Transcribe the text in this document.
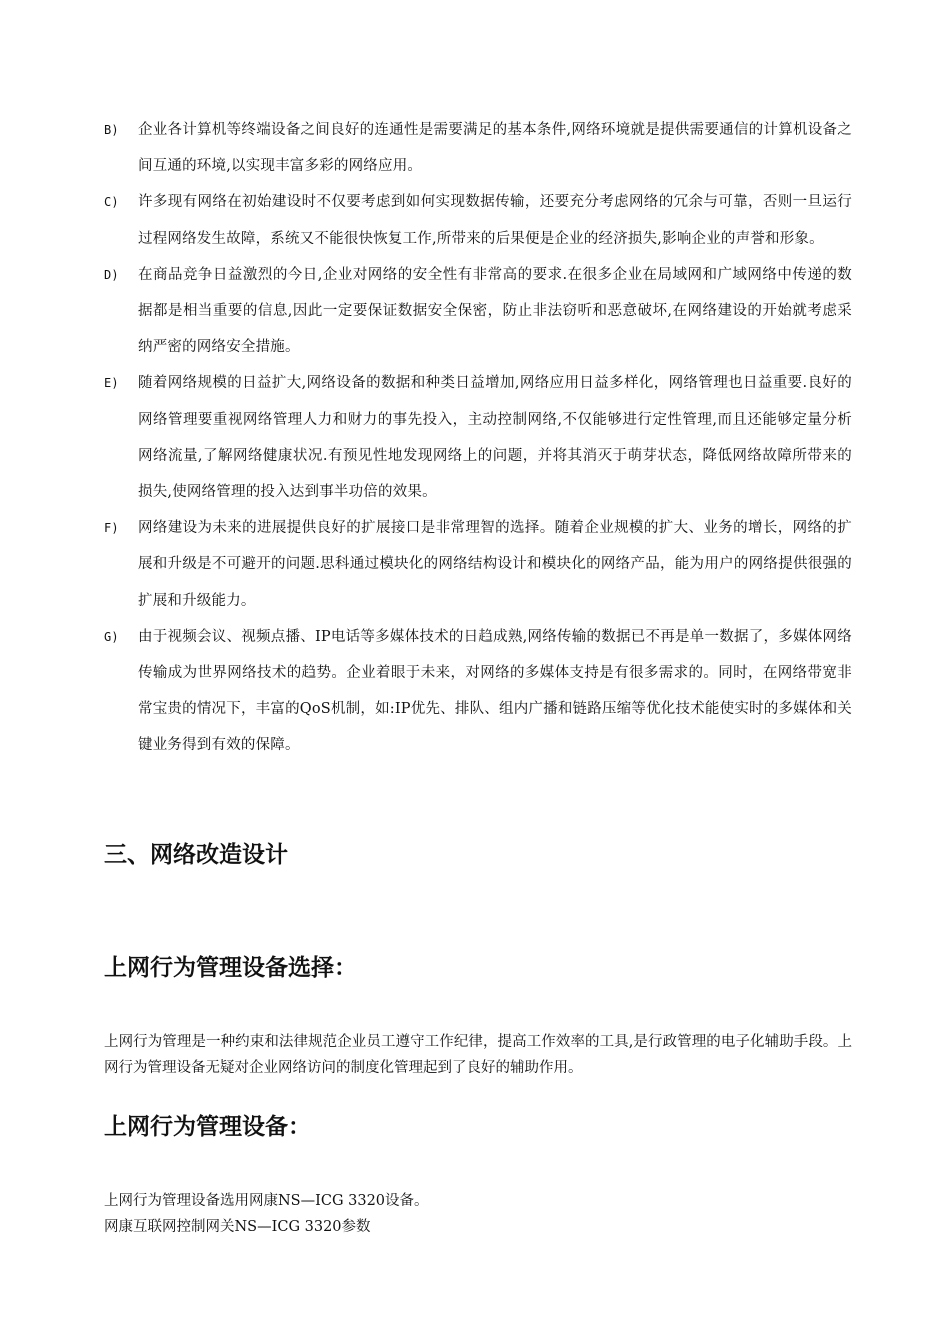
B) 企业各计算机等终端设备之间良好的连通性是需要满足的基本条件,网络环境就是提供需要通信的计算机设备之间互通的环境,以实现丰富多彩的网络应用。
C) 许多现有网络在初始建设时不仅要考虑到如何实现数据传输，还要充分考虑网络的冗余与可靠，否则一旦运行过程网络发生故障，系统又不能很快恢复工作,所带来的后果便是企业的经济损失,影响企业的声誉和形象。
D) 在商品竞争日益激烈的今日,企业对网络的安全性有非常高的要求.在很多企业在局域网和广域网络中传递的数据都是相当重要的信息,因此一定要保证数据安全保密，防止非法窃听和恶意破坏,在网络建设的开始就考虑采纳严密的网络安全措施。
E) 随着网络规模的日益扩大,网络设备的数据和种类日益增加,网络应用日益多样化，网络管理也日益重要.良好的网络管理要重视网络管理人力和财力的事先投入，主动控制网络,不仅能够进行定性管理,而且还能够定量分析网络流量,了解网络健康状况.有预见性地发现网络上的问题，并将其消灭于萌芽状态，降低网络故障所带来的损失,使网络管理的投入达到事半功倍的效果。
F) 网络建设为未来的进展提供良好的扩展接口是非常理智的选择。随着企业规模的扩大、业务的增长，网络的扩展和升级是不可避开的问题.思科通过模块化的网络结构设计和模块化的网络产品，能为用户的网络提供很强的扩展和升级能力。
G) 由于视频会议、视频点播、IP电话等多媒体技术的日趋成熟,网络传输的数据已不再是单一数据了，多媒体网络传输成为世界网络技术的趋势。企业着眼于未来，对网络的多媒体支持是有很多需求的。同时，在网络带宽非常宝贵的情况下，丰富的QoS机制，如:IP优先、排队、组内广播和链路压缩等优化技术能使实时的多媒体和关键业务得到有效的保障。
三、网络改造设计
上网行为管理设备选择：

上网行为管理是一种约束和法律规范企业员工遵守工作纪律，提高工作效率的工具,是行政管理的电子化辅助手段。上网行为管理设备无疑对企业网络访问的制度化管理起到了良好的辅助作用。

上网行为管理设备：

上网行为管理设备选用网康NS—ICG 3320设备。

网康互联网控制网关NS—ICG 3320参数
